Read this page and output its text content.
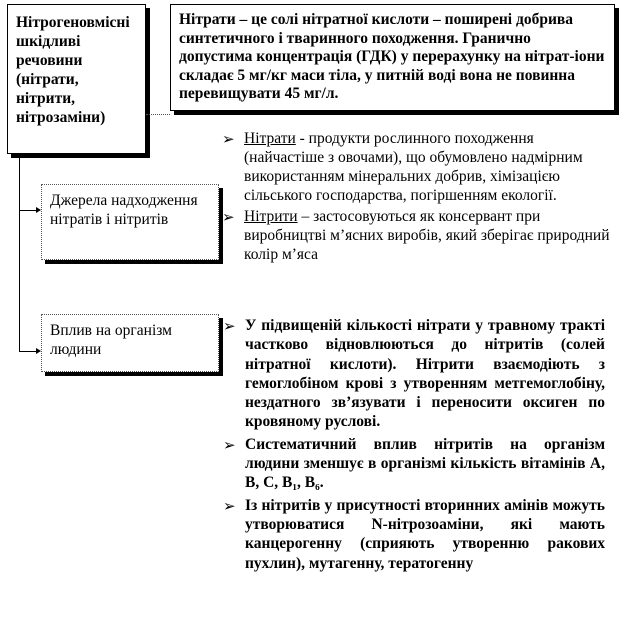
Нітрогеновмісні шкідливі речовини (нітрати, нітрити, нітрозаміни)
Нітрати – це солі нітратної кислоти – поширені добрива синтетичного і тваринного походження. Гранично допустима концентрація (ГДК) у перерахунку на нітрат-іони складає 5 мг/кг маси тіла, у питній воді вона не повинна перевищувати 45 мг/л.
Джерела надходження нітратів і нітритів
Вплив на організм людини
➢ Нітрати - продукти рослинного походження (найчастіше з овочами), що обумовлено надмірним використанням мінеральних добрив, хімізацією сільського господарства, погіршенням екології.
➢ Нітрити – застосовуються як консервант при виробництві м’ясних виробів, який зберігає природний колір м’яса
➢ У підвищеній кількості нітрати у травному тракті частково відновлюються до нітритів (солей нітратної кислоти). Нітрити взаємодіють з гемоглобіном крові з утворенням метгемоглобіну, нездатного зв’язувати і переносити оксиген по кровяному руслові.
➢ Систематичний вплив нітритів на організм людини зменшує в організмі кількість вітамінів А, В, С, B₁, B₆.
➢ Із нітритів у присутності вторинних амінів можуть утворюватися N-нітрозоаміни, які мають канцерогенну (сприяють утворенню ракових пухлин), мутагенну, тератогенну
